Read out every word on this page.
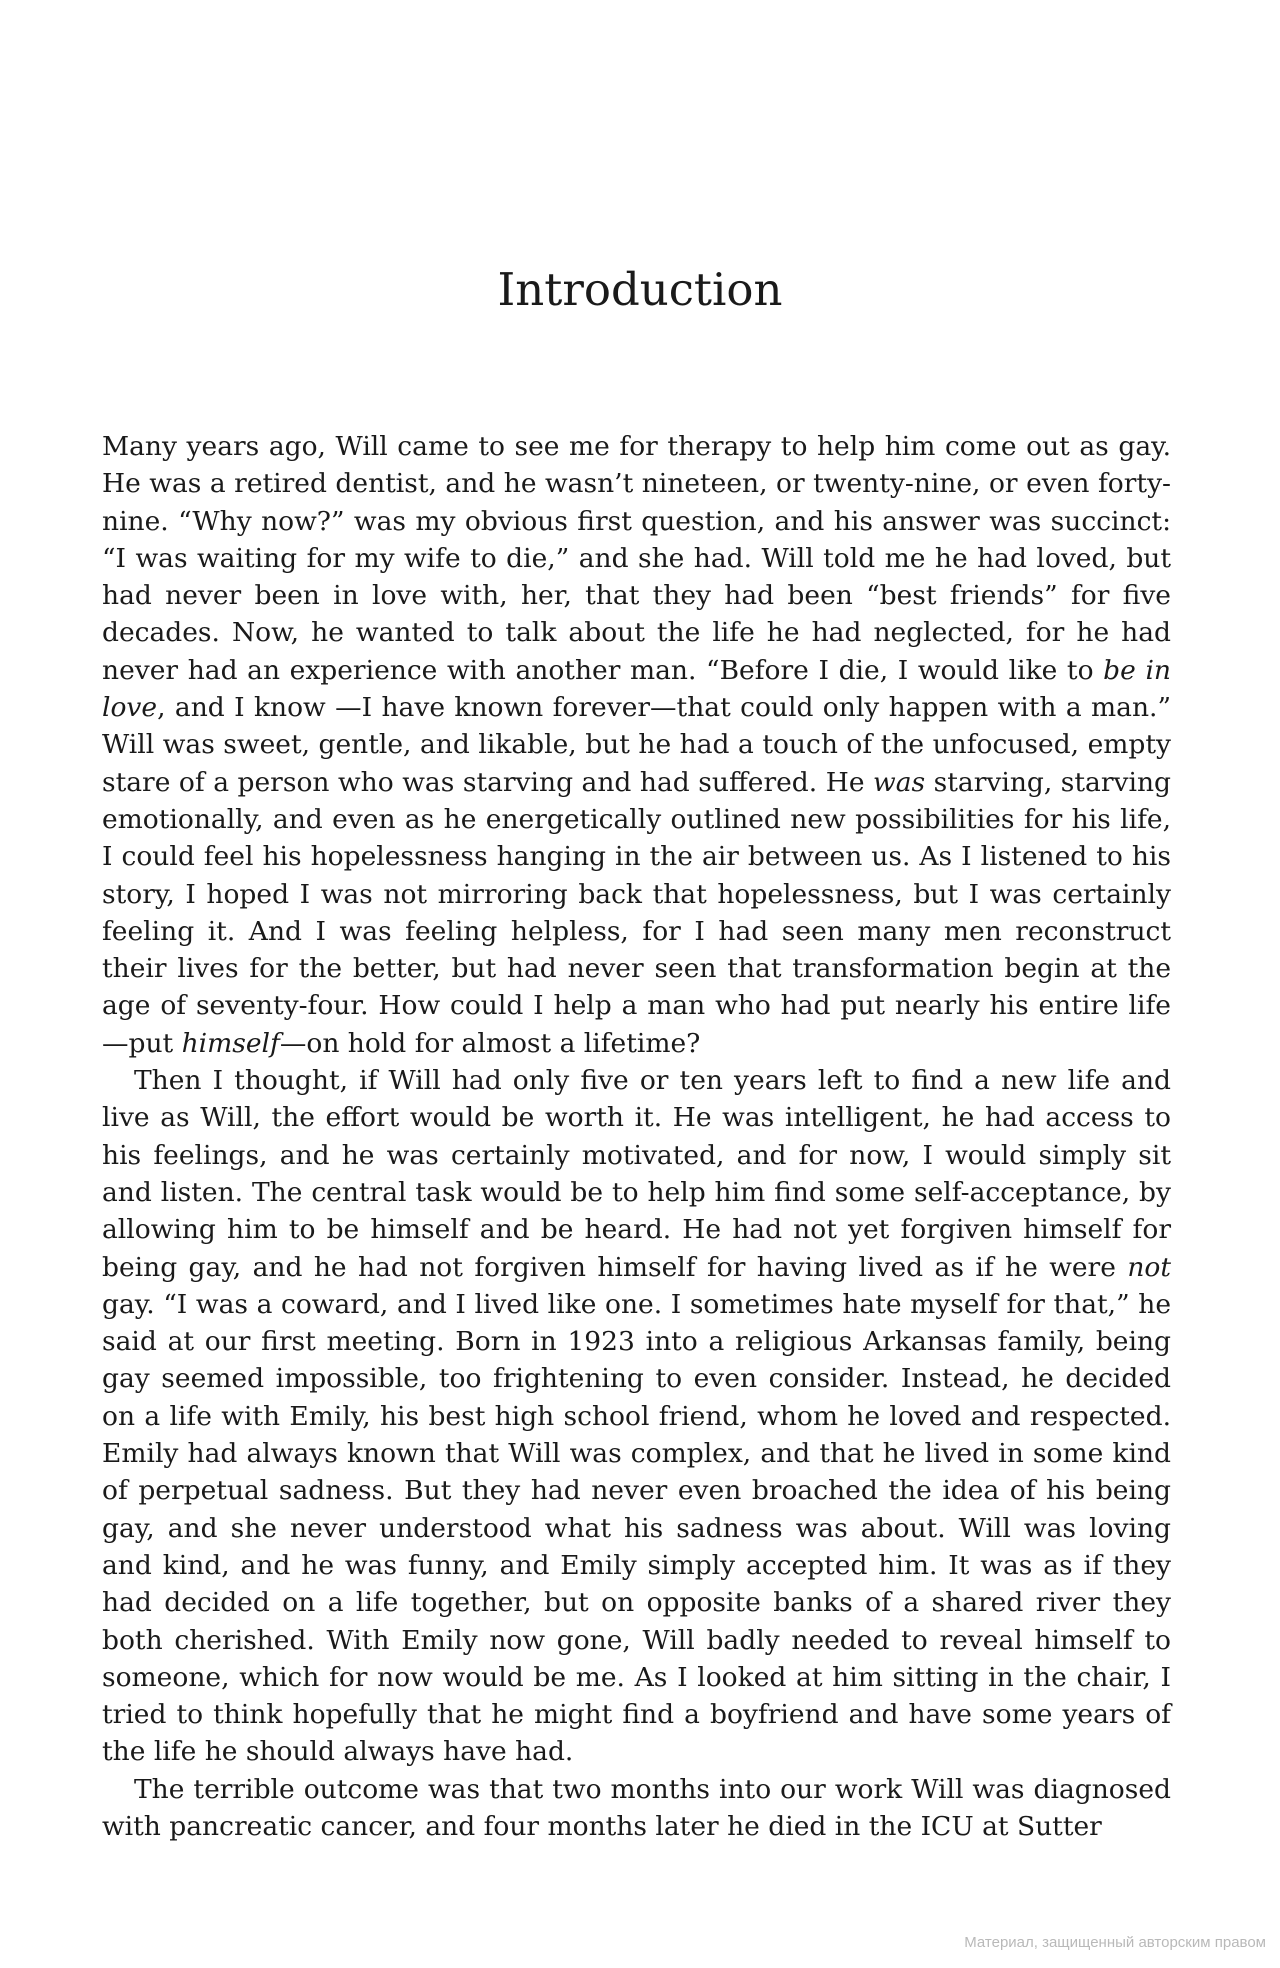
Introduction

Many years ago, Will came to see me for therapy to help him come out as gay. He was a retired dentist, and he wasn’t nineteen, or twenty-nine, or even forty-nine. “Why now?” was my obvious first question, and his answer was succinct: “I was waiting for my wife to die,” and she had. Will told me he had loved, but had never been in love with, her, that they had been “best friends” for five decades. Now, he wanted to talk about the life he had neglected, for he had never had an experience with another man. “Before I die, I would like to be in love, and I know —I have known forever—that could only happen with a man.” Will was sweet, gentle, and likable, but he had a touch of the unfocused, empty stare of a person who was starving and had suffered. He was starving, starving emotionally, and even as he energetically outlined new possibilities for his life, I could feel his hopelessness hanging in the air between us. As I listened to his story, I hoped I was not mirroring back that hopelessness, but I was certainly feeling it. And I was feeling helpless, for I had seen many men reconstruct their lives for the better, but had never seen that transformation begin at the age of seventy-four. How could I help a man who had put nearly his entire life—put himself—on hold for almost a lifetime?

Then I thought, if Will had only five or ten years left to find a new life and live as Will, the effort would be worth it. He was intelligent, he had access to his feelings, and he was certainly motivated, and for now, I would simply sit and listen. The central task would be to help him find some self-acceptance, by allowing him to be himself and be heard. He had not yet forgiven himself for being gay, and he had not forgiven himself for having lived as if he were not gay. “I was a coward, and I lived like one. I sometimes hate myself for that,” he said at our first meeting. Born in 1923 into a religious Arkansas family, being gay seemed impossible, too frightening to even consider. Instead, he decided on a life with Emily, his best high school friend, whom he loved and respected. Emily had always known that Will was complex, and that he lived in some kind of perpetual sadness. But they had never even broached the idea of his being gay, and she never understood what his sadness was about. Will was loving and kind, and he was funny, and Emily simply accepted him. It was as if they had decided on a life together, but on opposite banks of a shared river they both cherished. With Emily now gone, Will badly needed to reveal himself to someone, which for now would be me. As I looked at him sitting in the chair, I tried to think hopefully that he might find a boyfriend and have some years of the life he should always have had.

The terrible outcome was that two months into our work Will was diagnosed with pancreatic cancer, and four months later he died in the ICU at Sutter

Материал, защищенный авторским правом
